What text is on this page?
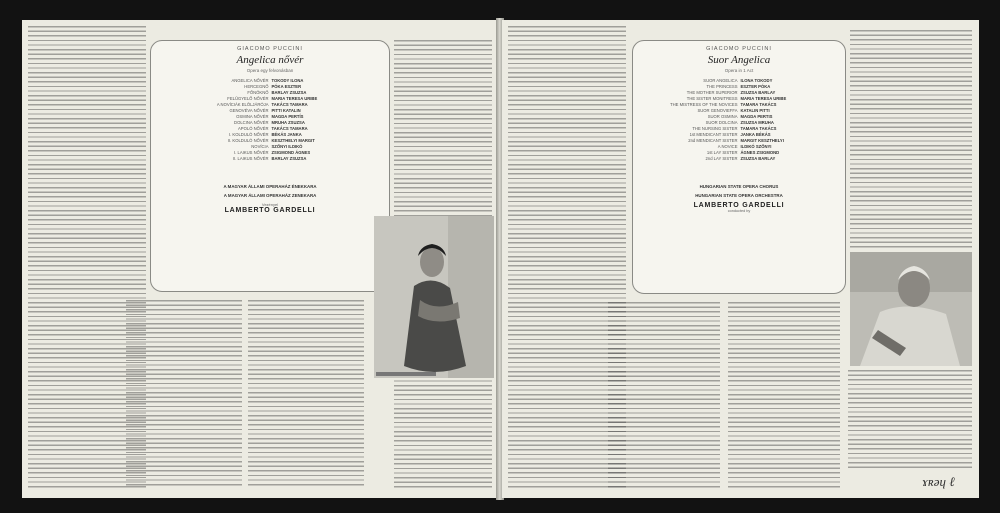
GIACOMO PUCCINI
Angelica nővér
Opera egy felvonásban
ANGELICA NŐVÉR TOKODY ILONA
HERCEGNŐ PÓKA ESZTER
FŐNÖKNŐ BARLAY ZSUZSA
FELÜGYELŐ NŐVÉR MARIA TERESA URIBE
A NOVÍCIÁK ELÖLJÁRÓJA TAKÁCS TAMARA
GENOVÉVA NŐVÉR PITTI KATALIN
OSMINA NŐVÉR MAGDA PERTÍS
DOLCINA NŐVÉR MRUHA ZSUZSA
APOLÓ NŐVÉR TAKÁCS TAMARA
I. KOLDULÓ NŐVÉR BÉKÁS JANKA
II. KOLDULÓ NŐVÉR KESZTHELYI MARGIT
NOVÍCIA SZŐNYI ILDIKÓ
I. LAIKUS NŐVÉR ZSIGMOND ÁGNES
II. LAIKUS NŐVÉR BARLAY ZSUZSA
A MAGYAR ÁLLAMI OPERAHÁZ ÉNEKKARA
A MAGYAR ÁLLAMI OPERAHÁZ ZENEKARA
Vezényel
LAMBERTO GARDELLI
GIACOMO PUCCINI
Suor Angelica
Opera in 1 Act
SUOR ANGELICA ILONA TOKODY
THE PRINCESS ESZTER PÓKA
THE MOTHER SUPERIOR ZSUZSA BARLAY
THE SISTER MONITRESS MARIA TERESA URIBE
THE MISTRESS OF THE NOVICES TAMARA TAKÁCS
SUOR GENOVIEFFA KATALIN PITTI
SUOR OSMINA MAGDA PERTIS
SUOR DOLCINA ZSUZSA MRUHA
THE NURSING SISTER TAMARA TAKÁCS
1st MENDICANT SISTER JANKA BÉKÁS
2nd MENDICANT SISTER MARGIT KESZTHELYI
A NOVICE ILDIKÓ SZŐNYI
1st LAY SISTER ÁGNES ZSIGMOND
2nd LAY SISTER ZSUZSA BARLAY
HUNGARIAN STATE OPERA CHORUS
HUNGARIAN STATE OPERA ORCHESTRA
LAMBERTO GARDELLI
conducted by
ɤʀǝɥ ℓ
